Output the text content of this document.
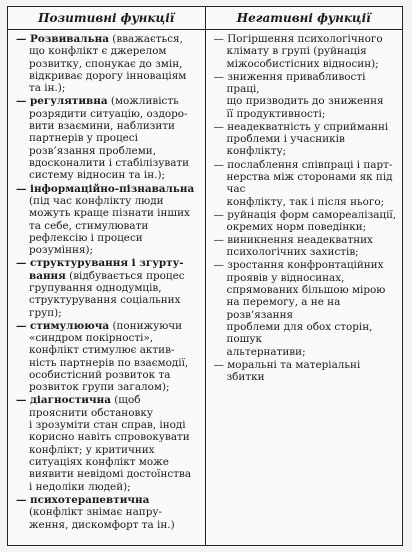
Позитивні функції	Негативні функції
— Розвивальна (вважається,
що конфлікт є джерелом
розвитку, спонукає до змін,
відкриває дорогу інноваціям
та ін.);
— регулятивна (можливість
розрядити ситуацію, оздоро-
вити взаємини, наблизити
партнерів у процесі
розв’язання проблеми,
вдосконалити і стабілізувати
систему відносин та ін.);
— інформаційно-пізнавальна
(під час конфлікту люди
можуть краще пізнати інших
та себе, стимулювати
рефлексію і процеси
розуміння);
— структурування і згурту-
вання (відбувається процес
групування однодумців,
структурування соціальних
груп);
— стимулююча (понижуючи
«синдром покірності»,
конфлікт стимулює актив-
ність партнерів по взаємодії,
особистісний розвиток та
розвиток групи загалом);
— діагностична (щоб
прояснити обстановку
і зрозуміти стан справ, іноді
корисно навіть спровокувати
конфлікт; у критичних
ситуаціях конфлікт може
виявити невідомі достоїнства
і недоліки людей);
— психотерапевтична
(конфлікт знімає напру-
ження, дискомфорт та ін.)
— Погіршення психологічного
клімату в групі (руйнація
міжособистісних відносин);
— зниження привабливості праці,
що призводить до зниження
її продуктивності;
— неадекватність у сприйманні
проблеми і учасників конфлікту;
— послаблення співпраці і парт-
нерства між сторонами як під час
конфлікту, так і після нього;
— руйнація форм самореалізації,
окремих норм поведінки;
— виникнення неадекватних
психологічних захистів;
— зростання конфронтаційних
проявів у відносинах,
спрямованих більшою мірою
на перемогу, а не на розв’язання
проблеми для обох сторін, пошук
альтернативи;
— моральні та матеріальні збитки
